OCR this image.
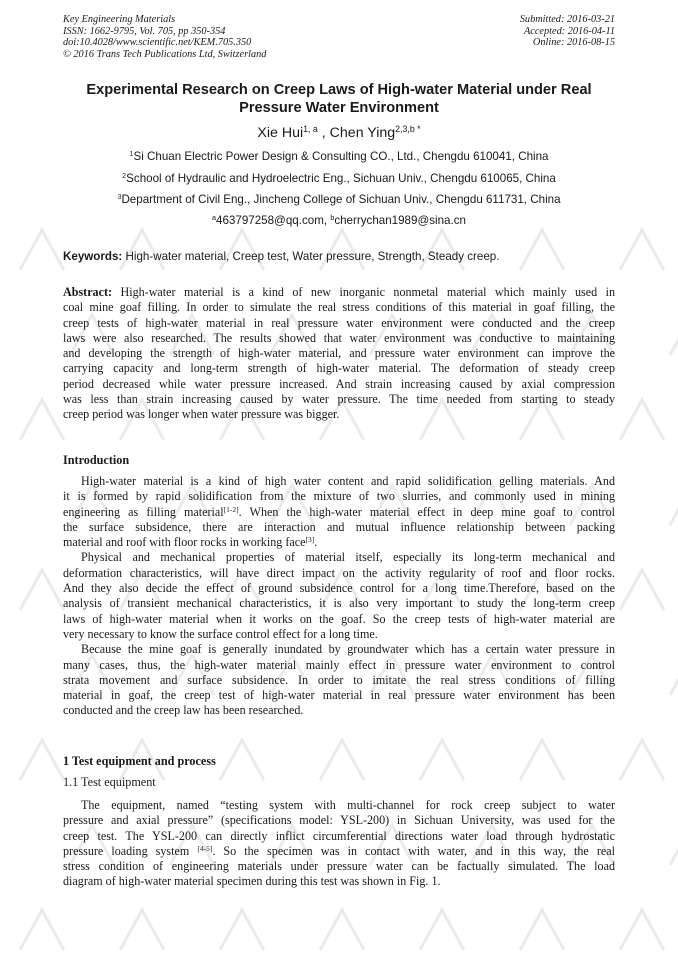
Key Engineering Materials
ISSN: 1662-9795, Vol. 705, pp 350-354
doi:10.4028/www.scientific.net/KEM.705.350
© 2016 Trans Tech Publications Ltd, Switzerland
Submitted: 2016-03-21
Accepted: 2016-04-11
Online: 2016-08-15
Experimental Research on Creep Laws of High-water Material under Real
Pressure Water Environment
Xie Hui$^{1, a}$ , Chen Ying$^{2,3,b *}$
$^1$Si Chuan Electric Power Design & Consulting CO., Ltd., Chengdu 610041, China
$^2$School of Hydraulic and Hydroelectric Eng., Sichuan Univ., Chengdu 610065, China
$^3$Department of Civil Eng., Jincheng College of Sichuan Univ., Chengdu 611731, China
$^a$463797258@qq.com, $^b$cherrychan1989@sina.cn
Keywords: High-water material, Creep test, Water pressure, Strength, Steady creep.
Abstract: High-water material is a kind of new inorganic nonmetal material which mainly used in
coal mine goaf filling. In order to simulate the real stress conditions of this material in goaf filling, the
creep tests of high-water material in real pressure water environment were conducted and the creep
laws were also researched. The results showed that water environment was conductive to maintaining
and developing the strength of high-water material, and pressure water environment can improve the
carrying capacity and long-term strength of high-water material. The deformation of steady creep
period decreased while water pressure increased. And strain increasing caused by axial compression
was less than strain increasing caused by water pressure. The time needed from starting to steady
creep period was longer when water pressure was bigger.
Introduction
High-water material is a kind of high water content and rapid solidification gelling materials. And
it is formed by rapid solidification from the mixture of two slurries, and commonly used in mining
engineering as filling material[1-2]. When the high-water material effect in deep mine goaf to control
the surface subsidence, there are interaction and mutual influence relationship between packing
material and roof with floor rocks in working face[3].
Physical and mechanical properties of material itself, especially its long-term mechanical and
deformation characteristics, will have direct impact on the activity regularity of roof and floor rocks.
And they also decide the effect of ground subsidence control for a long time.Therefore, based on the
analysis of transient mechanical characteristics, it is also very important to study the long-term creep
laws of high-water material when it works on the goaf. So the creep tests of high-water material are
very necessary to know the surface control effect for a long time.
Because the mine goaf is generally inundated by groundwater which has a certain water pressure in
many cases, thus, the high-water material mainly effect in pressure water environment to control
strata movement and surface subsidence. In order to imitate the real stress conditions of filling
material in goaf, the creep test of high-water material in real pressure water environment has been
conducted and the creep law has been researched.
1 Test equipment and process
1.1 Test equipment
The equipment, named “testing system with multi-channel for rock creep subject to water
pressure and axial pressure” (specifications model: YSL-200) in Sichuan University, was used for the
creep test. The YSL-200 can directly inflict circumferential directions water load through hydrostatic
pressure loading system [4-5]. So the specimen was in contact with water, and in this way, the real
stress condition of engineering materials under pressure water can be factually simulated. The load
diagram of high-water material specimen during this test was shown in Fig. 1.
